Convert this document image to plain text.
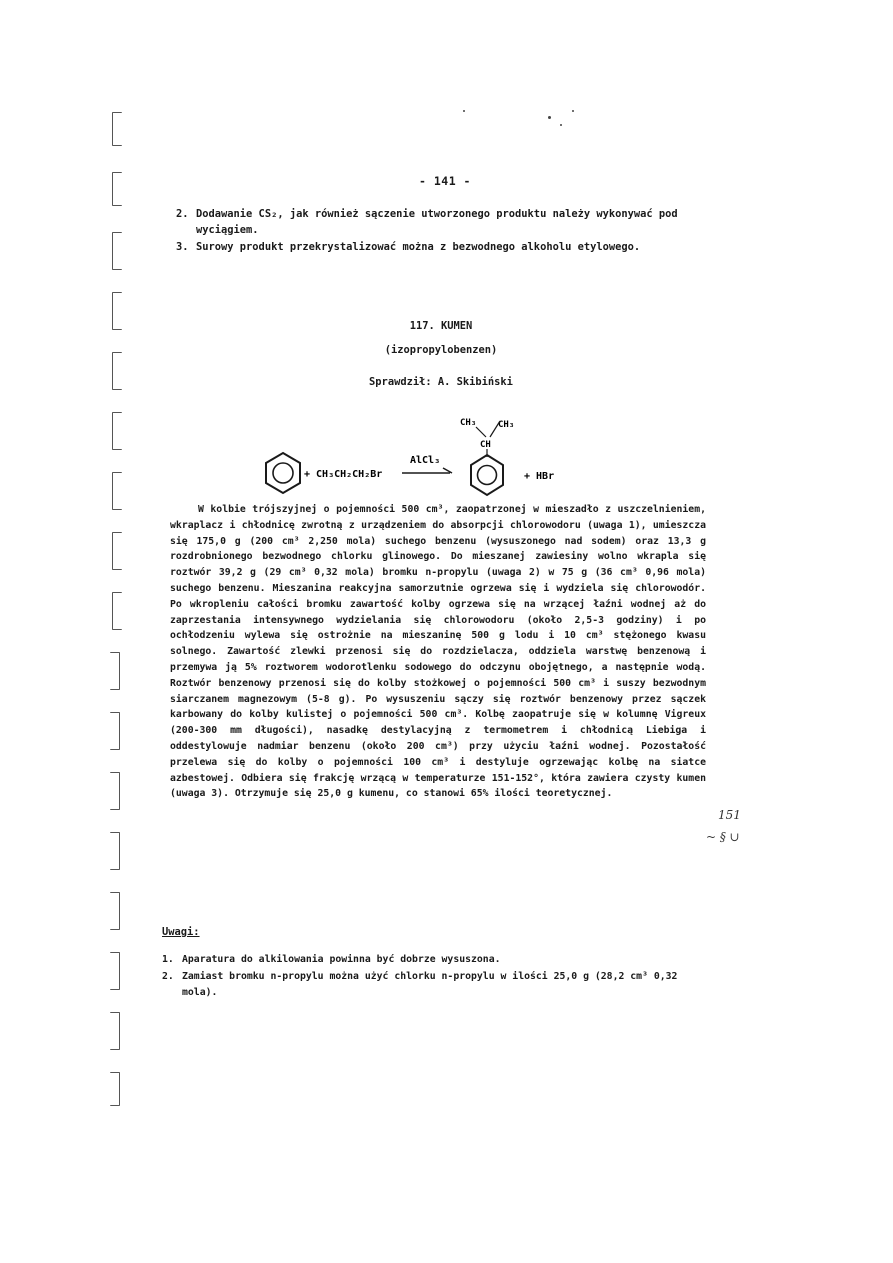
- 141 -
2. Dodawanie CS₂, jak również sączenie utworzonego produktu należy wykonywać pod wyciągiem.
3. Surowy produkt przekrystalizować można z bezwodnego alkoholu etylowego.
117. KUMEN
(izopropylobenzen)
Sprawdził: A. Skibiński
+ CH₃CH₂CH₂Br
AlCl₃
CH₃ CH₃
CH
+ HBr
W kolbie trójszyjnej o pojemności 500 cm³, zaopatrzonej w mieszadło z uszczelnieniem, wkraplacz i chłodnicę zwrotną z urządzeniem do absorpcji chlorowodoru (uwaga 1), umieszcza się 175,0 g (200 cm³ 2,250 mola) suchego benzenu (wysuszonego nad sodem) oraz 13,3 g rozdrobnionego bezwodnego chlorku glinowego. Do mieszanej zawiesiny wolno wkrapla się roztwór 39,2 g (29 cm³ 0,32 mola) bromku n-propylu (uwaga 2) w 75 g (36 cm³ 0,96 mola) suchego benzenu. Mieszanina reakcyjna samorzutnie ogrzewa się i wydziela się chlorowodór. Po wkropleniu całości bromku zawartość kolby ogrzewa się na wrzącej łaźni wodnej aż do zaprzestania intensywnego wydzielania się chlorowodoru (około 2,5-3 godziny) i po ochłodzeniu wylewa się ostrożnie na mieszaninę 500 g lodu i 10 cm³ stężonego kwasu solnego. Zawartość zlewki przenosi się do rozdzielacza, oddziela warstwę benzenową i przemywa ją 5% roztworem wodorotlenku sodowego do odczynu obojętnego, a następnie wodą. Roztwór benzenowy przenosi się do kolby stożkowej o pojemności 500 cm³ i suszy bezwodnym siarczanem magnezowym (5-8 g). Po wysuszeniu sączy się roztwór benzenowy przez sączek karbowany do kolby kulistej o pojemności 500 cm³. Kolbę zaopatruje się w kolumnę Vigreux (200-300 mm długości), nasadkę destylacyjną z termometrem i chłodnicą Liebiga i oddestylowuje nadmiar benzenu (około 200 cm³) przy użyciu łaźni wodnej. Pozostałość przelewa się do kolby o pojemności 100 cm³ i destyluje ogrzewając kolbę na siatce azbestowej. Odbiera się frakcję wrzącą w temperaturze 151-152°, która zawiera czysty kumen (uwaga 3). Otrzymuje się 25,0 g kumenu, co stanowi 65% ilości teoretycznej.
Uwagi:
1. Aparatura do alkilowania powinna być dobrze wysuszona.
2. Zamiast bromku n-propylu można użyć chlorku n-propylu w ilości 25,0 g (28,2 cm³ 0,32 mola).
151
~ § ∪
